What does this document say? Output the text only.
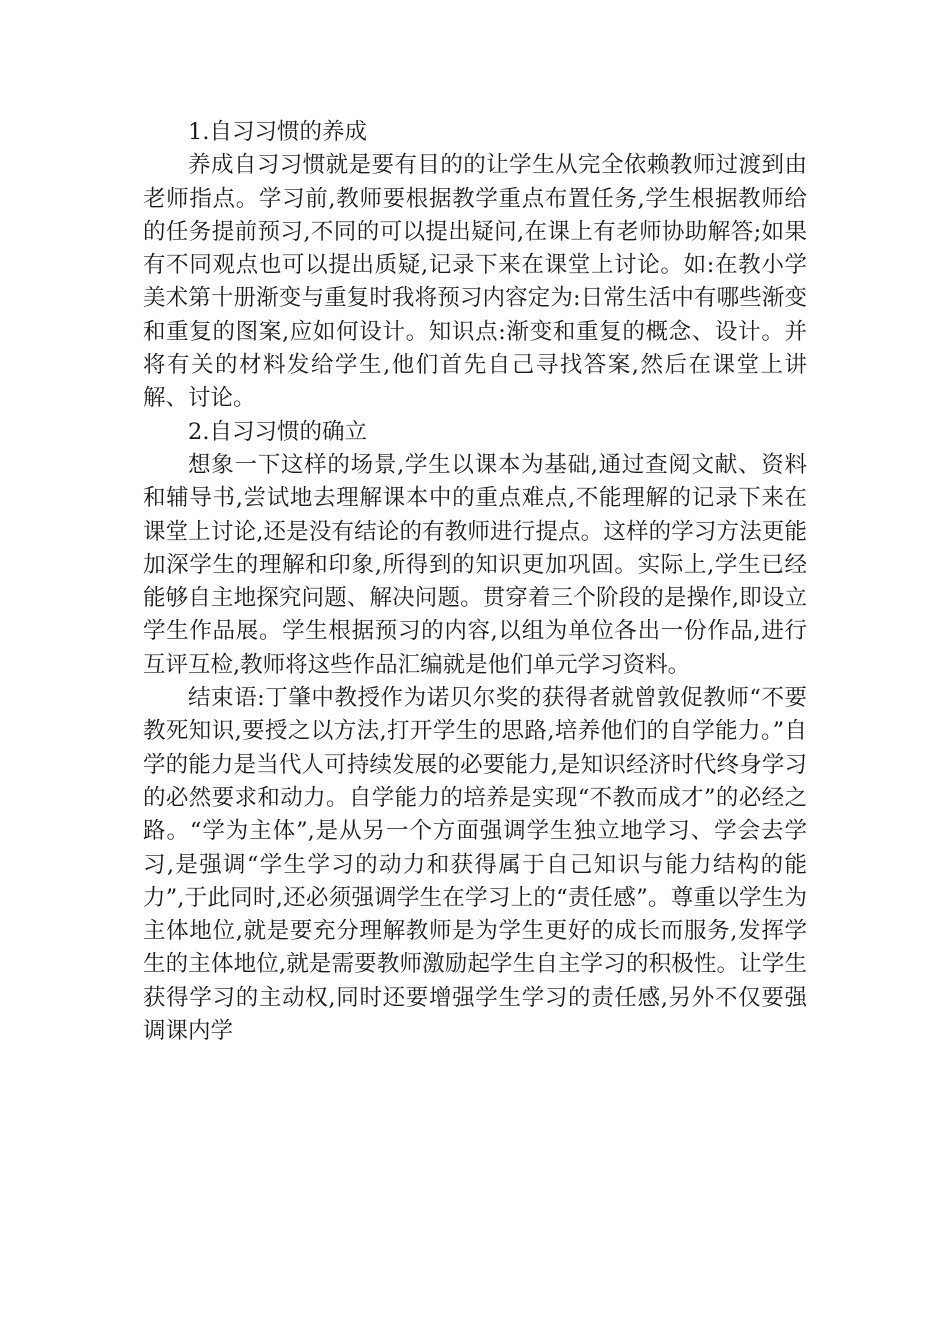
1.自习习惯的养成

养成自习习惯就是要有目的的让学生从完全依赖教师过渡到由老师指点。学习前,教师要根据教学重点布置任务,学生根据教师给的任务提前预习,不同的可以提出疑问,在课上有老师协助解答;如果有不同观点也可以提出质疑,记录下来在课堂上讨论。如:在教小学美术第十册渐变与重复时我将预习内容定为:日常生活中有哪些渐变和重复的图案,应如何设计。知识点:渐变和重复的概念、设计。并将有关的材料发给学生,他们首先自己寻找答案,然后在课堂上讲解、讨论。

2.自习习惯的确立

想象一下这样的场景,学生以课本为基础,通过查阅文献、资料和辅导书,尝试地去理解课本中的重点难点,不能理解的记录下来在课堂上讨论,还是没有结论的有教师进行提点。这样的学习方法更能加深学生的理解和印象,所得到的知识更加巩固。实际上,学生已经能够自主地探究问题、解决问题。贯穿着三个阶段的是操作,即设立学生作品展。学生根据预习的内容,以组为单位各出一份作品,进行互评互检,教师将这些作品汇编就是他们单元学习资料。

结束语:丁肇中教授作为诺贝尔奖的获得者就曾敦促教师“不要教死知识,要授之以方法,打开学生的思路,培养他们的自学能力。”自学的能力是当代人可持续发展的必要能力,是知识经济时代终身学习的必然要求和动力。自学能力的培养是实现“不教而成才”的必经之路。“学为主体”,是从另一个方面强调学生独立地学习、学会去学习,是强调“学生学习的动力和获得属于自己知识与能力结构的能力”,于此同时,还必须强调学生在学习上的“责任感”。尊重以学生为主体地位,就是要充分理解教师是为学生更好的成长而服务,发挥学生的主体地位,就是需要教师激励起学生自主学习的积极性。让学生获得学习的主动权,同时还要增强学生学习的责任感,另外不仅要强调课内学
